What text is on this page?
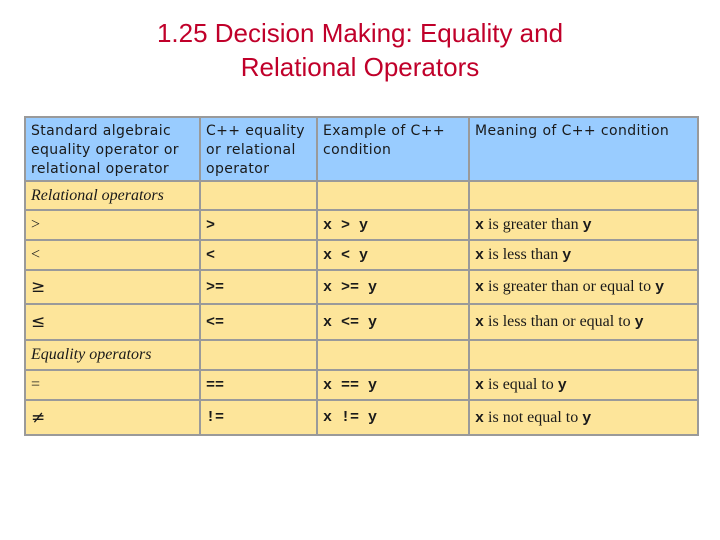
1.25 Decision Making: Equality and
Relational Operators
Standard algebraic equality operator or relational operator	C++ equality or relational operator	Example of C++ condition	Meaning of C++ condition
Relational operators			
>	>	x > y	x is greater than y
<	<	x < y	x is less than y
≥	>=	x >= y	x is greater than or equal to y
≤	<=	x <= y	x is less than or equal to y
Equality operators			
=	==	x == y	x is equal to y
≠	!=	x != y	x is not equal to y
